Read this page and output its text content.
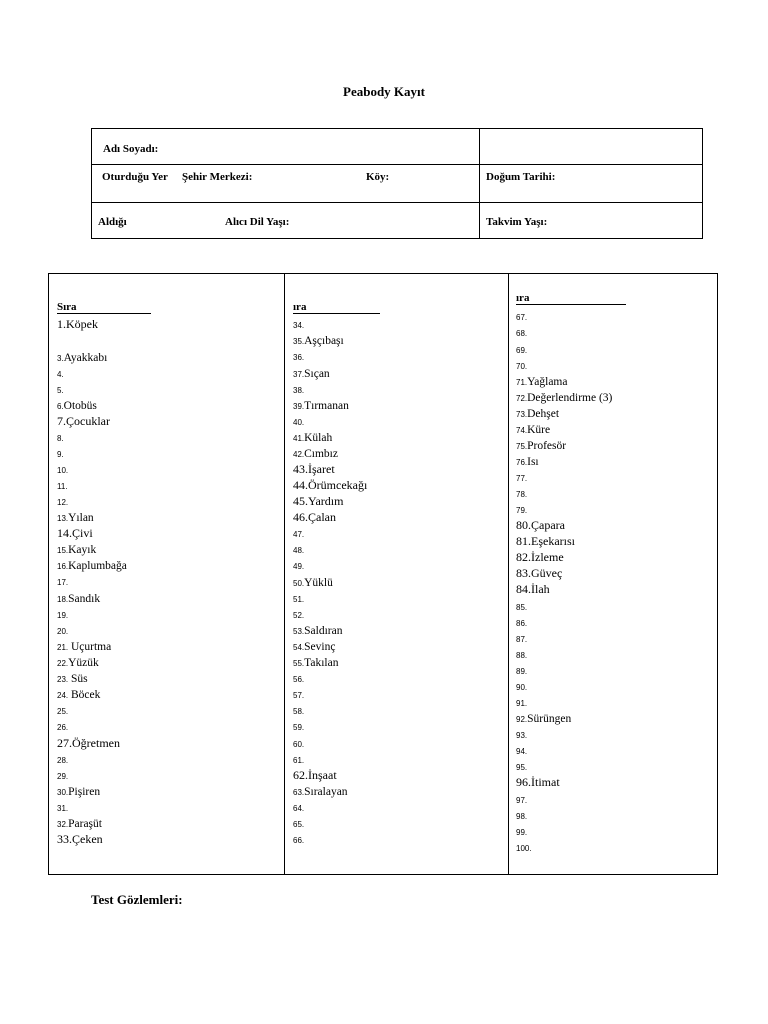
Peabody Kayıt
Adı Soyadı:	

Oturduğu Yer Şehir Merkezi: Köy:	Doğum Tarihi:

Aldığı Alıcı Dil Yaşı:	Takvim Yaşı:
Sıra
1.Köpek
3.Ayakkabı
4.
5.
6.Otobüs
7.Çocuklar
8.
9.
10.
11.
12.
13.Yılan
14.Çivi
15.Kayık
16.Kaplumbağa
17.
18.Sandık
19.
20.
21. Uçurtma
22.Yüzük
23. Süs
24. Böcek
25.
26.
27.Öğretmen
28.
29.
30.Pişiren
31.
32.Paraşüt
33.Çeken
ıra
34.
35.Aşçıbaşı
36.
37.Sıçan
38.
39.Tırmanan
40.
41.Külah
42.Cımbız
43.İşaret
44.Örümcekağı
45.Yardım
46.Çalan
47.
48.
49.
50.Yüklü
51.
52.
53.Saldıran
54.Sevinç
55.Takılan
56.
57.
58.
59.
60.
61.
62.İnşaat
63.Sıralayan
64.
65.
66.
ıra
67.
68.
69.
70.
71.Yağlama
72.Değerlendirme (3)
73.Dehşet
74.Küre
75.Profesör
76.Isı
77.
78.
79.
80.Çapara
81.Eşekarısı
82.İzleme
83.Güveç
84.İlah
85.
86.
87.
88.
89.
90.
91.
92.Sürüngen
93.
94.
95.
96.İtimat
97.
98.
99.
100.
Test Gözlemleri:
